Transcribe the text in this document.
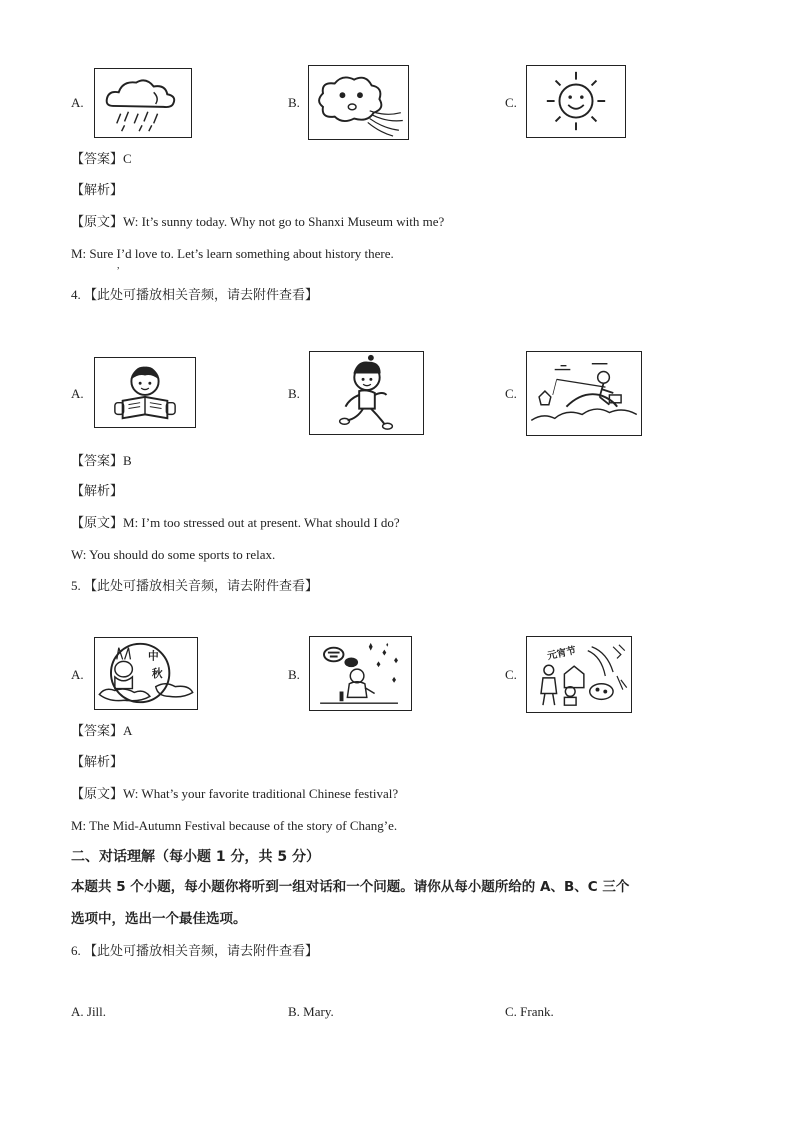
A.	B.	C.
【答案】C
【解析】
【原文】W: It’s sunny today. Why not go to Shanxi Museum with me?
M: Sure I’d love to. Let’s learn something about history there.
,
4. 【此处可播放相关音频，请去附件查看】
A.	B.	C.
【答案】B
【解析】
【原文】M: I’m too stressed out at present. What should I do?
W: You should do some sports to relax.
5. 【此处可播放相关音频，请去附件查看】
A.
中
秋	B.	C.
元宵节
【答案】A
【解析】
【原文】W: What’s your favorite traditional Chinese festival?
M: The Mid-Autumn Festival because of the story of Chang’e.
二、对话理解（每小题 1 分，共 5 分）
本题共 5 个小题，每小题你将听到一组对话和一个问题。请你从每小题所给的 A、B、C 三个
选项中，选出一个最佳选项。
6. 【此处可播放相关音频，请去附件查看】
A. Jill.	B. Mary.	C. Frank.
